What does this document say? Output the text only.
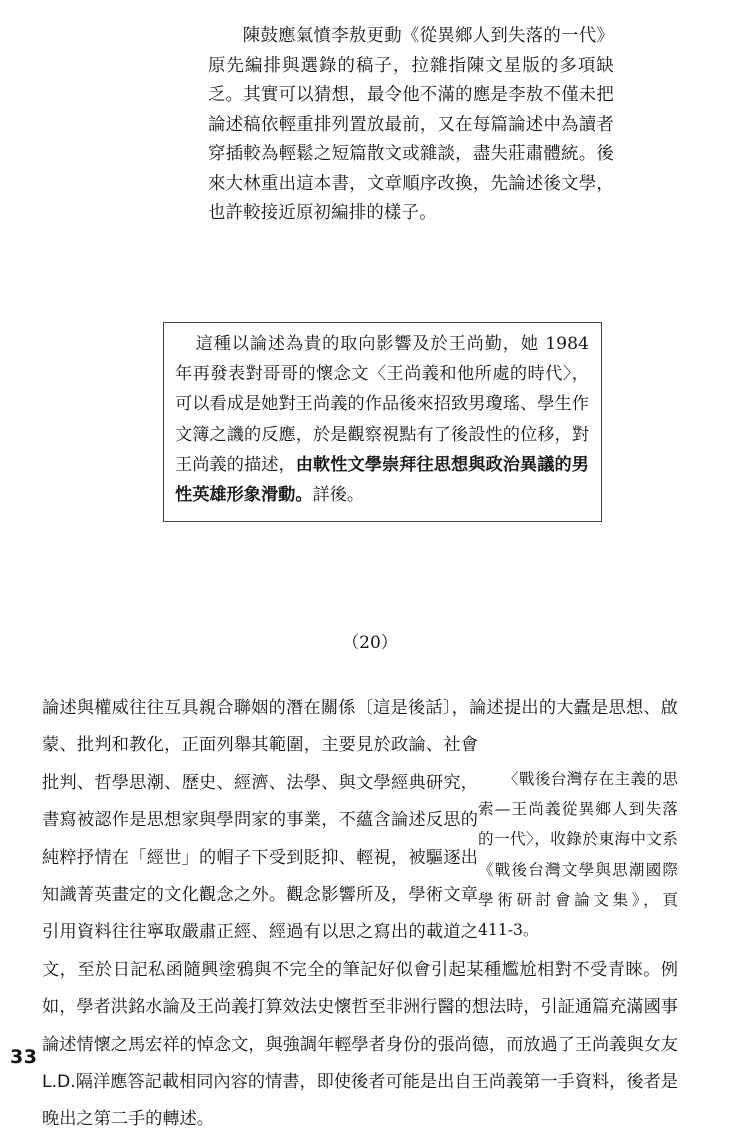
陳鼓應氣憤李敖更動《從異鄉人到失落的一代》原先編排與選錄的稿子，拉雜指陳文星版的多項缺乏。其實可以猜想，最令他不滿的應是李敖不僅未把論述稿依輕重排列置放最前，又在每篇論述中為讀者穿插較為輕鬆之短篇散文或雜談，盡失莊肅體統。後來大林重出這本書，文章順序改換，先論述後文學，也許較接近原初編排的樣子。
這種以論述為貴的取向影響及於王尚勤，她 1984 年再發表對哥哥的懷念文〈王尚義和他所處的時代〉，可以看成是她對王尚義的作品後來招致男瓊瑤、學生作文簿之譏的反應，於是觀察視點有了後設性的位移，對王尚義的描述，由軟性文學崇拜往思想與政治異議的男性英雄形象滑動。詳後。
（20）
〈戰後台灣存在主義的思索—王尚義從異鄉人到失落的一代〉，收錄於東海中文系《戰後台灣文學與思潮國際學術研討會論文集》，頁 411-3。
論述與權威往往互具親合聯姻的潛在關係〔這是後話〕，論述提出的大蠹是思想、啟蒙、批判和教化，正面列舉其範圍，主要見於政論、社會批判、哲學思潮、歷史、經濟、法學、與文學經典研究，書寫被認作是思想家與學問家的事業，不蘊含論述反思的純粹抒情在「經世」的帽子下受到貶抑、輕視，被驅逐出知識菁英畫定的文化觀念之外。觀念影響所及，學術文章引用資料往往寧取嚴肅正經、經過有以思之寫出的載道之文，至於日記私函隨興塗鴉與不完全的筆記好似會引起某種尷尬相對不受青睞。例如，學者洪銘水論及王尚義打算效法史懷哲至非洲行醫的想法時，引証通篇充滿國事論述情懷之馬宏祥的悼念文，與強調年輕學者身份的張尚德，而放過了王尚義與女友 L.D.隔洋應答記載相同內容的情書，即使後者可能是出自王尚義第一手資料，後者是晚出之第二手的轉述。
33
